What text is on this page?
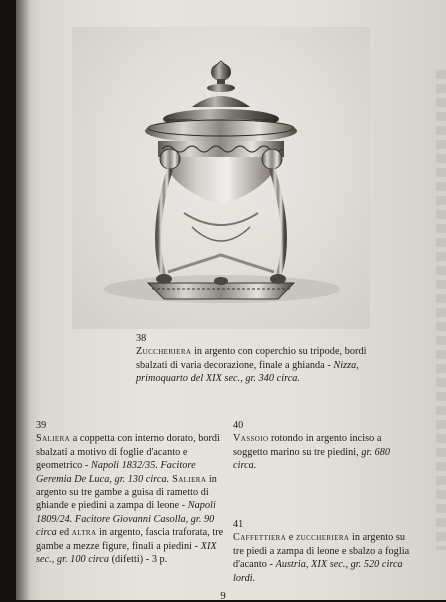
38

Zuccheriera in argento con coperchio su tripode, bordi sbalzati di varia decorazione, finale a ghianda - Nizza, primoquarto del XIX sec., gr. 340 circa.

39

Saliera a coppetta con interno dorato, bordi sbalzati a motivo di foglie d'acanto e geometrico - Napoli 1832/35. Facitore Geremia De Luca, gr. 130 circa. Saliera in argento su tre gambe a guisa di rametto di ghiande e piedini a zampa di leone - Napoli 1809/24. Facitore Giovanni Casolla, gr. 90 circa ed altra in argento, fascia traforata, tre gambe a mezze figure, finali a piedini - XIX sec., gr. 100 circa (difetti) - 3 p.

40

Vassoio rotondo in argento inciso a soggetto marino su tre piedini, gr. 680 circa.

41

Caffettiera e zuccheriera in argento su tre piedi a zampa di leone e sbalzo a foglia d'acanto - Austria, XIX sec., gr. 520 circa lordi.

9
